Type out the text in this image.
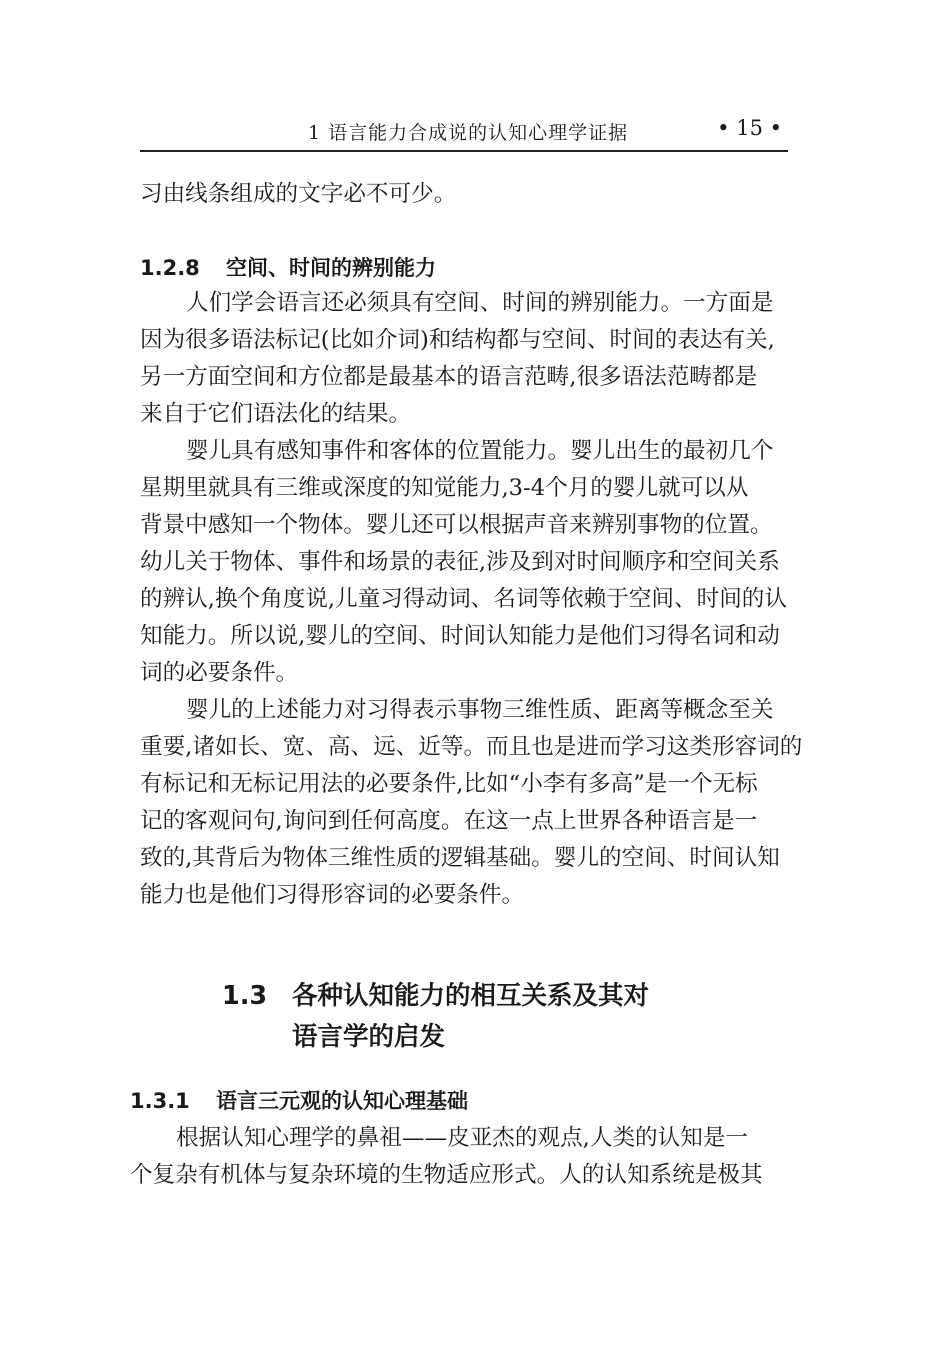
1 语言能力合成说的认知心理学证据	• 15 •
习由线条组成的文字必不可少。
1.2.8 空间、时间的辨别能力
人们学会语言还必须具有空间、时间的辨别能力。一方面是
因为很多语法标记(比如介词)和结构都与空间、时间的表达有关,
另一方面空间和方位都是最基本的语言范畴,很多语法范畴都是
来自于它们语法化的结果。
婴儿具有感知事件和客体的位置能力。婴儿出生的最初几个
星期里就具有三维或深度的知觉能力,3-4个月的婴儿就可以从
背景中感知一个物体。婴儿还可以根据声音来辨别事物的位置。
幼儿关于物体、事件和场景的表征,涉及到对时间顺序和空间关系
的辨认,换个角度说,儿童习得动词、名词等依赖于空间、时间的认
知能力。所以说,婴儿的空间、时间认知能力是他们习得名词和动
词的必要条件。
婴儿的上述能力对习得表示事物三维性质、距离等概念至关
重要,诸如长、宽、高、远、近等。而且也是进而学习这类形容词的
有标记和无标记用法的必要条件,比如“小李有多高”是一个无标
记的客观问句,询问到任何高度。在这一点上世界各种语言是一
致的,其背后为物体三维性质的逻辑基础。婴儿的空间、时间认知
能力也是他们习得形容词的必要条件。
1.3 各种认知能力的相互关系及其对
语言学的启发
1.3.1 语言三元观的认知心理基础
根据认知心理学的鼻祖——皮亚杰的观点,人类的认知是一
个复杂有机体与复杂环境的生物适应形式。人的认知系统是极其
